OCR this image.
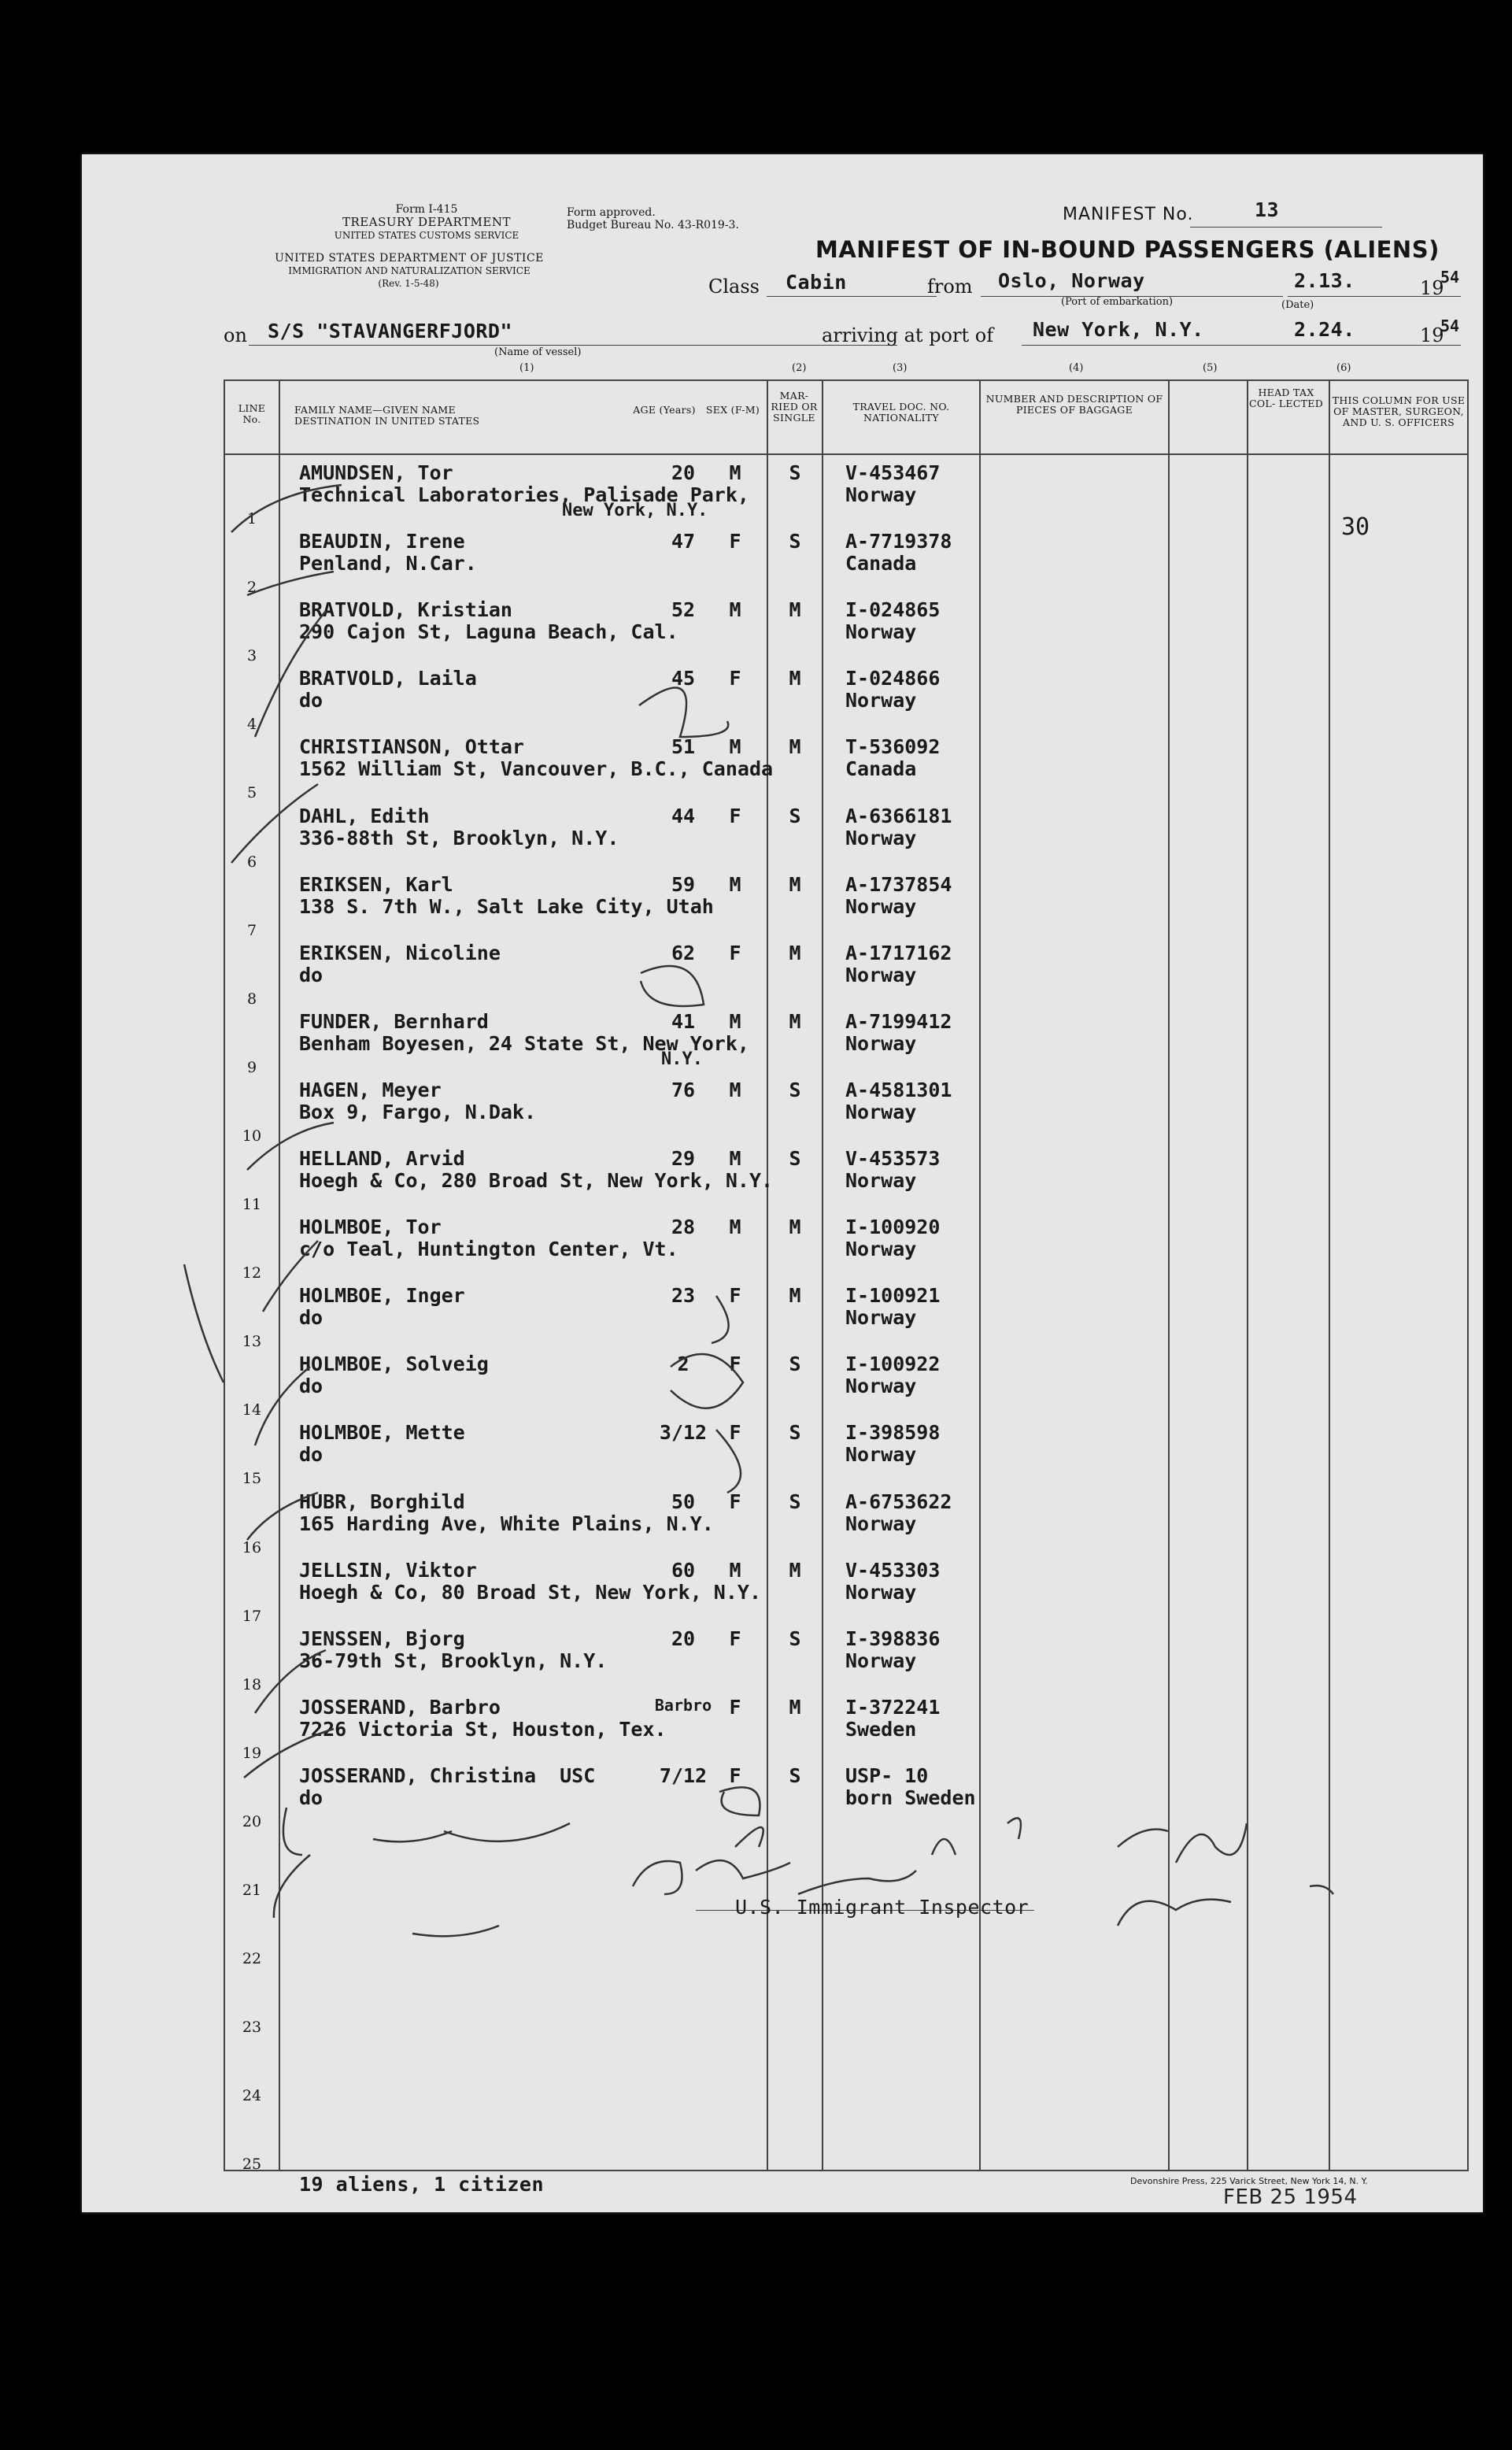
Form I-415
TREASURY DEPARTMENT
UNITED STATES CUSTOMS SERVICE
UNITED STATES DEPARTMENT OF JUSTICE
IMMIGRATION AND NATURALIZATION SERVICE
(Rev. 1-5-48)
Form approved.
Budget Bureau No. 43-R019-3.
MANIFEST No.	13
MANIFEST OF IN-BOUND PASSENGERS (ALIENS)
Class Cabin	from Oslo, Norway
(Port of embarkation)
2.13.	19
54
(Date)
on S/S "STAVANGERFJORD"
(Name of vessel)
arriving at port of New York, N.Y.	2.24.	19
54
(1)	(2)	(3)	(4)	(5)	(6)
LINE No.
FAMILY NAME—GIVEN NAME DESTINATION IN UNITED STATES
AGE (Years) SEX (F-M)
MAR- RIED OR SINGLE
TRAVEL DOC. NO. NATIONALITY
NUMBER AND DESCRIPTION OF PIECES OF BAGGAGE
HEAD TAX COL- LECTED THIS COLUMN FOR USE OF MASTER, SURGEON, AND U. S. OFFICERS
1
AMUNDSEN, Tor
Technical Laboratories, Palisade Park,
New York, N.Y.
20	M	S	V-453467
Norway
2
BEAUDIN, Irene
Penland, N.Car.
47	F	S	A-7719378
Canada
3
BRATVOLD, Kristian
290 Cajon St, Laguna Beach, Cal.
52	M	M	I-024865
Norway
4
BRATVOLD, Laila
do
45	F	M	I-024866
Norway
5
CHRISTIANSON, Ottar
1562 William St, Vancouver, B.C., Canada
51	M	M	T-536092
Canada
6
DAHL, Edith
336-88th St, Brooklyn, N.Y.
44	F	S	A-6366181
Norway
7
ERIKSEN, Karl
138 S. 7th W., Salt Lake City, Utah
59	M	M	A-1737854
Norway
8
ERIKSEN, Nicoline
do
62	F	M	A-1717162
Norway
9
FUNDER, Bernhard
Benham Boyesen, 24 State St, New York,
N.Y.
41	M	M	A-7199412
Norway
10
HAGEN, Meyer
Box 9, Fargo, N.Dak.
76	M	S	A-4581301
Norway
11
HELLAND, Arvid
Hoegh & Co, 280 Broad St, New York, N.Y.
29	M	S	V-453573
Norway
12
HOLMBOE, Tor
c/o Teal, Huntington Center, Vt.
28	M	M	I-100920
Norway
13
HOLMBOE, Inger
do
23	F	M	I-100921
Norway
14
HOLMBOE, Solveig
do
2	F	S	I-100922
Norway
15
HOLMBOE, Mette
do
3/12	F	S	I-398598
Norway
16
HUBR, Borghild
165 Harding Ave, White Plains, N.Y.
50	F	S	A-6753622
Norway
17
JELLSIN, Viktor
Hoegh & Co, 80 Broad St, New York, N.Y.
60	M	M	V-453303
Norway
18
JENSSEN, Bjorg
36-79th St, Brooklyn, N.Y.
20	F	S	I-398836
Norway
19
JOSSERAND, Barbro
7226 Victoria St, Houston, Tex.
Barbro F	M	I-372241
Sweden
20
JOSSERAND, Christina  USC
do
7/12	F	S	USP- 10
born Sweden
21
22
23
24
25
30
U.S. Immigrant Inspector
19 aliens, 1 citizen	Devonshire Press, 225 Varick Street, New York 14, N. Y.
FEB 25 1954
